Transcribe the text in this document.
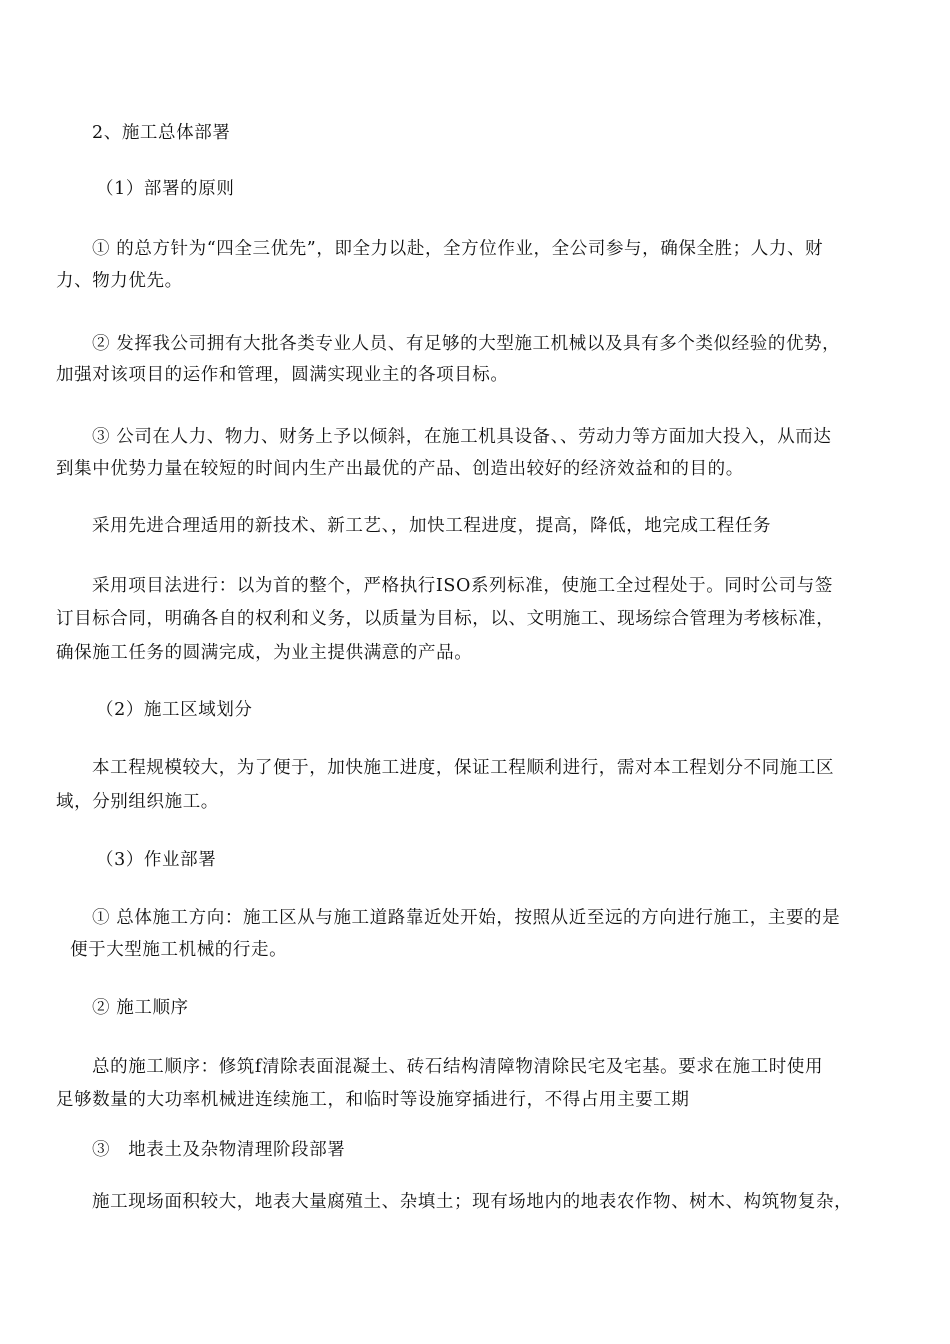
2、施工总体部署
（1）部署的原则
① 的总方针为“四全三优先”，即全力以赴，全方位作业，全公司参与，确保全胜；人力、财
力、物力优先。
② 发挥我公司拥有大批各类专业人员、有足够的大型施工机械以及具有多个类似经验的优势，
加强对该项目的运作和管理，圆满实现业主的各项目标。
③ 公司在人力、物力、财务上予以倾斜，在施工机具设备、、劳动力等方面加大投入，从而达
到集中优势力量在较短的时间内生产出最优的产品、创造出较好的经济效益和的目的。
采用先进合理适用的新技术、新工艺、，加快工程进度，提高，降低，地完成工程任务
采用项目法进行：以为首的整个，严格执行ISO系列标准，使施工全过程处于。同时公司与签
订目标合同，明确各自的权利和义务，以质量为目标，以、文明施工、现场综合管理为考核标准，
确保施工任务的圆满完成，为业主提供满意的产品。
（2）施工区域划分
本工程规模较大，为了便于，加快施工进度，保证工程顺利进行，需对本工程划分不同施工区
域，分别组织施工。
（3）作业部署
① 总体施工方向：施工区从与施工道路靠近处开始，按照从近至远的方向进行施工，主要的是
便于大型施工机械的行走。
② 施工顺序
总的施工顺序：修筑f清除表面混凝土、砖石结构清障物清除民宅及宅基。要求在施工时使用
足够数量的大功率机械进连续施工，和临时等设施穿插进行，不得占用主要工期
③　地表土及杂物清理阶段部署
施工现场面积较大，地表大量腐殖土、杂填土；现有场地内的地表农作物、树木、构筑物复杂，
